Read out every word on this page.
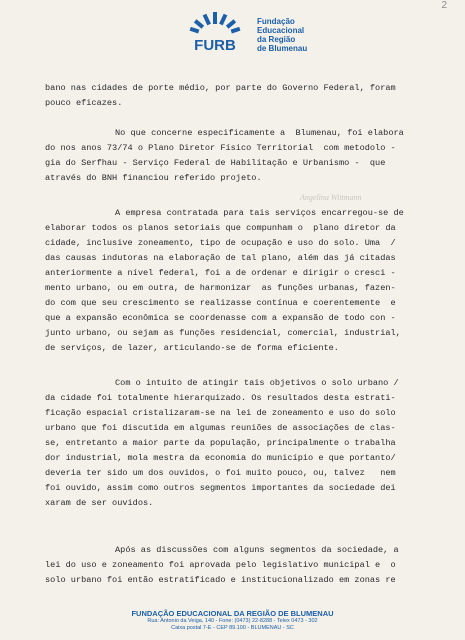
2
FURB
Fundação
Educacional
da Região
de Blumenau
Angelina Wittmann
bano nas cidades de porte médio, por parte do Governo Federal, foram
pouco eficazes.
No que concerne especificamente a  Blumenau, foi elabora
do nos anos 73/74 o Plano Diretor Físico Territorial  com metodolo -
gia do Serfhau - Serviço Federal de Habilitação e Urbanismo -  que
através do BNH financiou referido projeto.
A empresa contratada para tais serviços encarregou-se de
elaborar todos os planos setoriais que compunham o  plano diretor da
cidade, inclusive zoneamento, tipo de ocupação e uso do solo. Uma  /
das causas indutoras na elaboração de tal plano, além das já citadas
anteriormente a nível federal, foi a de ordenar e dirigir o cresci -
mento urbano, ou em outra, de harmonizar  as funções urbanas, fazen-
do com que seu crescimento se realizasse contínua e coerentemente  e
que a expansão econômica se coordenasse com a expansão de todo con -
junto urbano, ou sejam as funções residencial, comercial, industrial,
de serviços, de lazer, articulando-se de forma eficiente.
Com o intuito de atingir tais objetivos o solo urbano /
da cidade foi totalmente hierarquizado. Os resultados desta estrati-
ficação espacial cristalizaram-se na lei de zoneamento e uso do solo
urbano que foi discutida em algumas reuniões de associações de clas-
se, entretanto a maior parte da população, principalmente o trabalha
dor industrial, mola mestra da economia do município e que portanto/
deveria ter sido um dos ouvidos, o foi muito pouco, ou, talvez   nem
foi ouvido, assim como outros segmentos importantes da sociedade dei
xaram de ser ouvidos.
Após as discussões com alguns segmentos da sociedade, a
lei do uso e zoneamento foi aprovada pelo legislativo municipal e  o
solo urbano foi então estratificado e institucionalizado em zonas re
FUNDAÇÃO EDUCACIONAL DA REGIÃO DE BLUMENAU
Rua: Antonio da Veiga, 140 - Fone: (0473) 22-8288 - Telex 0473 - 302
Caixa postal 7-E - CEP 89.100 - BLUMENAU - SC
